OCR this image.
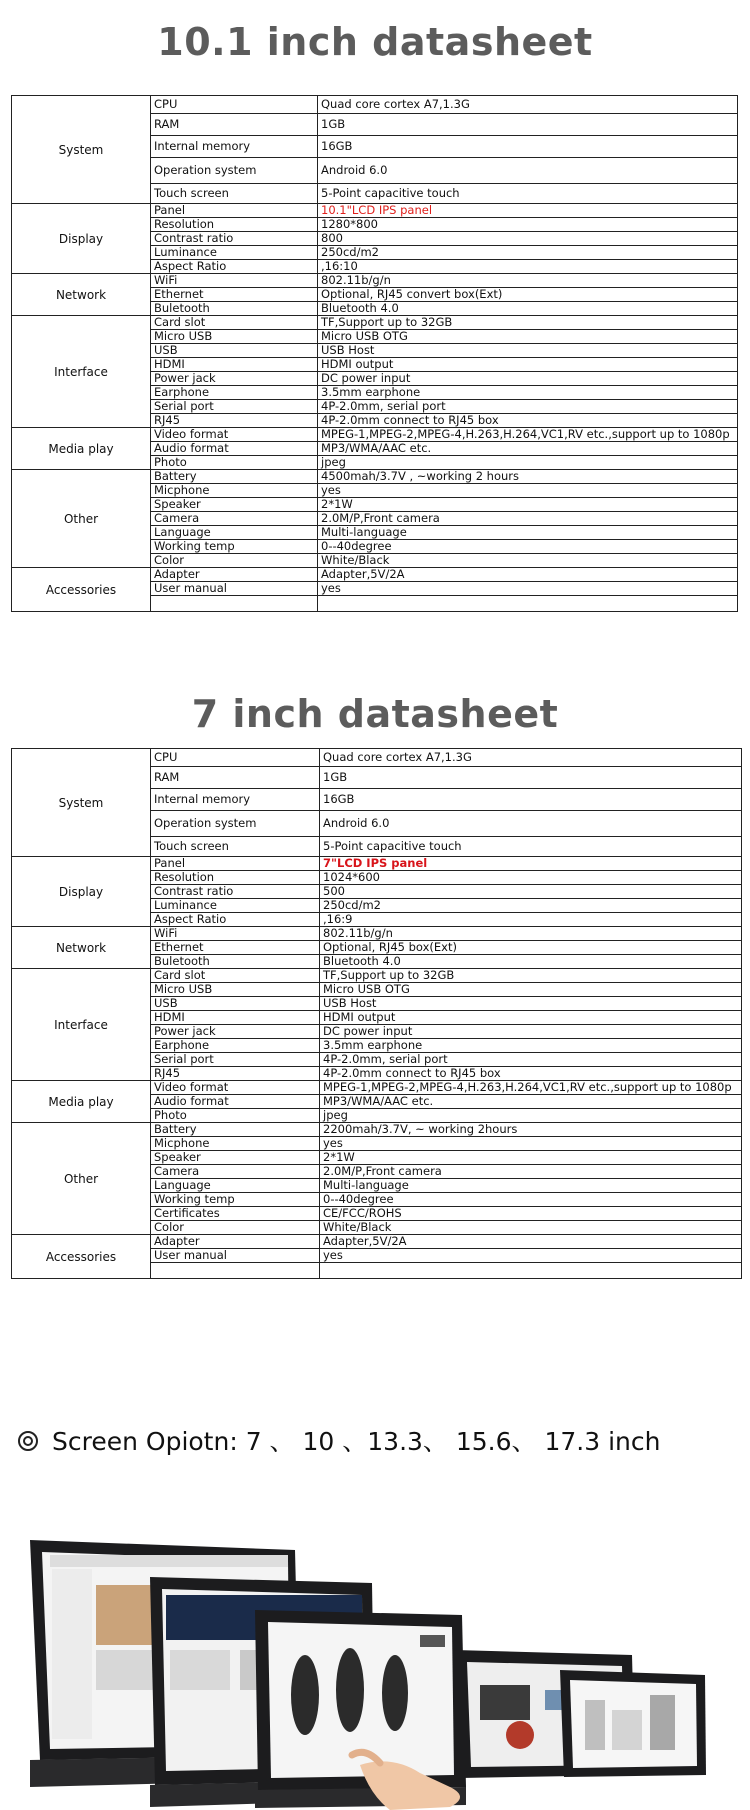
10.1 inch datasheet
System	CPU	Quad core cortex A7,1.3G
	RAM	1GB
	Internal memory	16GB
	Operation system	Android 6.0
	Touch screen	5-Point capacitive touch
Display	Panel	10.1"LCD IPS panel
	Resolution	1280*800
	Contrast ratio	800
	Luminance	250cd/m2
	Aspect Ratio	,16:10
Network	WiFi	802.11b/g/n
	Ethernet	Optional, RJ45 convert box(Ext)
	Buletooth	Bluetooth 4.0
Interface	Card slot	TF,Support up to 32GB
	Micro USB	Micro USB OTG
	USB	USB Host
	HDMI	HDMI output
	Power jack	DC power input
	Earphone	3.5mm earphone
	Serial port	4P-2.0mm, serial port
	RJ45	4P-2.0mm connect to RJ45 box
Media play	Video format	MPEG-1,MPEG-2,MPEG-4,H.263,H.264,VC1,RV etc.,support up to 1080p
	Audio format	MP3/WMA/AAC etc.
	Photo	jpeg
Other	Battery	4500mah/3.7V , ~working 2 hours
	Micphone	yes
	Speaker	2*1W
	Camera	2.0M/P,Front camera
	Language	Multi-language
	Working temp	0--40degree
	Color	White/Black
Accessories	Adapter	Adapter,5V/2A
	User manual	yes

7 inch datasheet
System	CPU	Quad core cortex A7,1.3G
	RAM	1GB
	Internal memory	16GB
	Operation system	Android 6.0
	Touch screen	5-Point capacitive touch
Display	Panel	7"LCD IPS panel
	Resolution	1024*600
	Contrast ratio	500
	Luminance	250cd/m2
	Aspect Ratio	,16:9
Network	WiFi	802.11b/g/n
	Ethernet	Optional, RJ45 box(Ext)
	Buletooth	Bluetooth 4.0
Interface	Card slot	TF,Support up to 32GB
	Micro USB	Micro USB OTG
	USB	USB Host
	HDMI	HDMI output
	Power jack	DC power input
	Earphone	3.5mm earphone
	Serial port	4P-2.0mm, serial port
	RJ45	4P-2.0mm connect to RJ45 box
Media play	Video format	MPEG-1,MPEG-2,MPEG-4,H.263,H.264,VC1,RV etc.,support up to 1080p
	Audio format	MP3/WMA/AAC etc.
	Photo	jpeg
Other	Battery	2200mah/3.7V, ~ working 2hours
	Micphone	yes
	Speaker	2*1W
	Camera	2.0M/P,Front camera
	Language	Multi-language
	Working temp	0--40degree
	Certificates	CE/FCC/ROHS
	Color	White/Black
Accessories	Adapter	Adapter,5V/2A
	User manual	yes

Screen Opiotn: 7 、 10 、13.3、 15.6、 17.3 inch
